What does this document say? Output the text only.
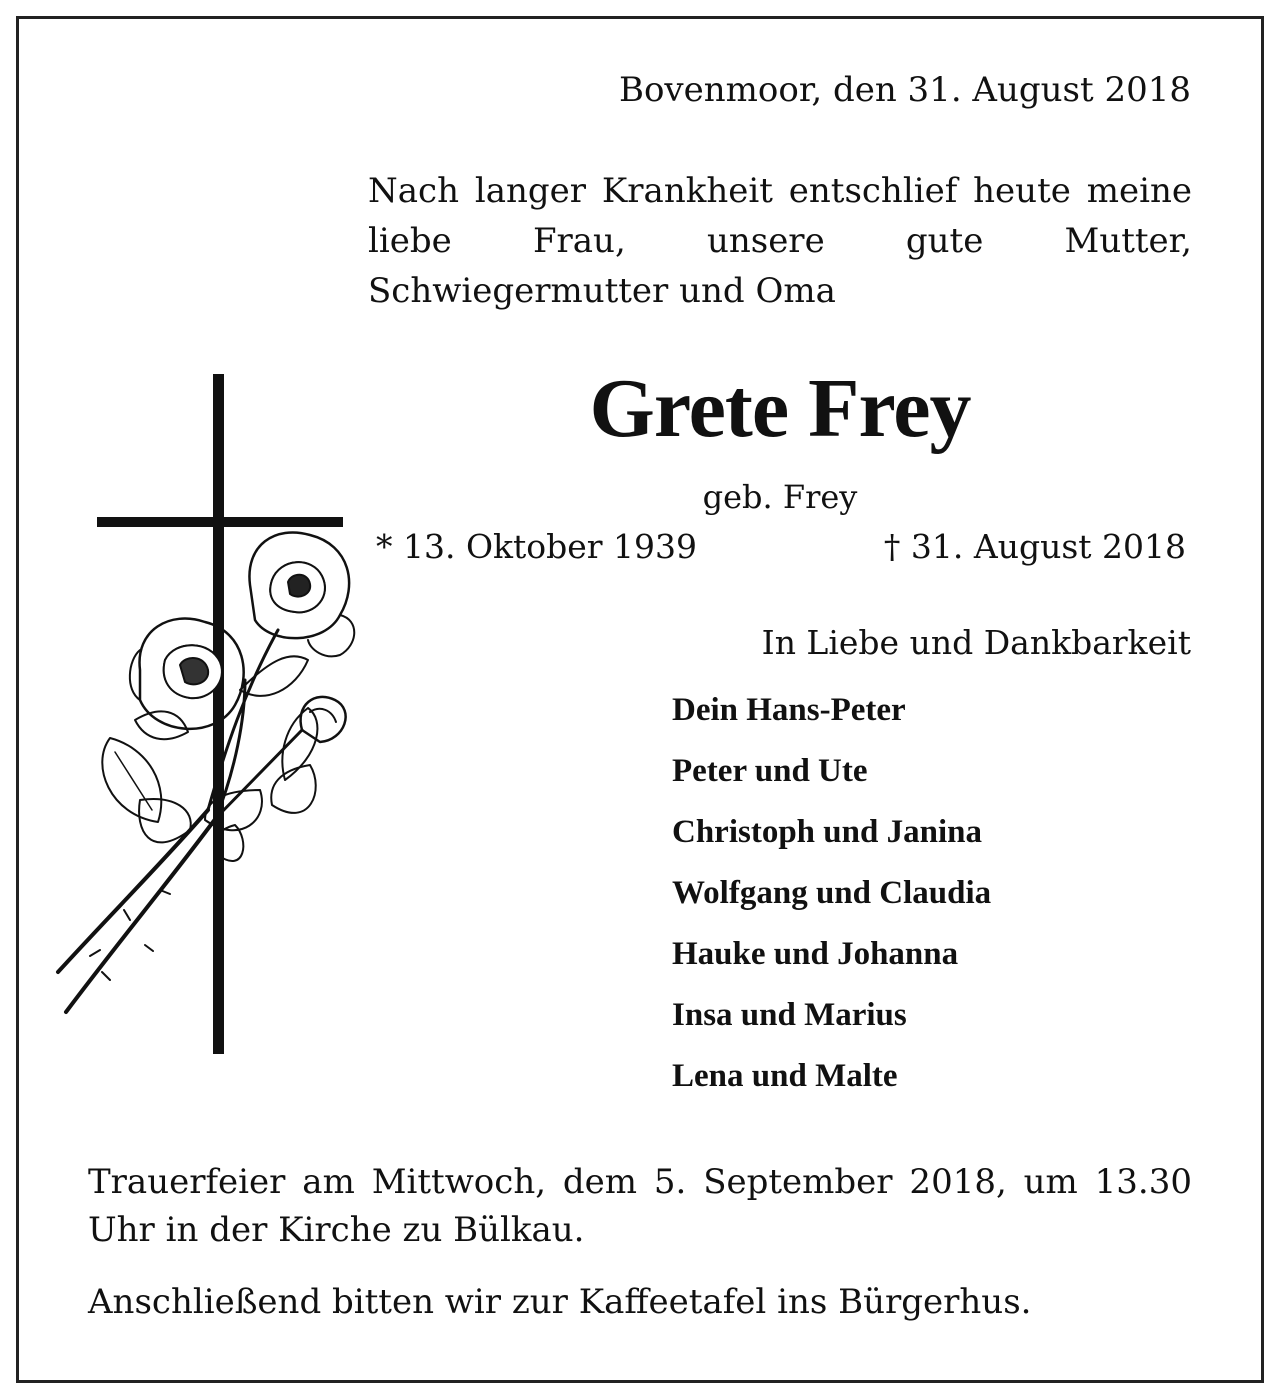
Bovenmoor, den 31. August 2018
Nach langer Krankheit entschlief heute meine liebe Frau, unsere gute Mutter, Schwiegermutter und Oma
Grete Frey
geb. Frey
* 13. Oktober 1939	† 31. August 2018
In Liebe und Dankbarkeit
Dein Hans-Peter
Peter und Ute
Christoph und Janina
Wolfgang und Claudia
Hauke und Johanna
Insa und Marius
Lena und Malte
Trauerfeier am Mittwoch, dem 5. September 2018, um 13.30 Uhr in der Kirche zu Bülkau.
Anschließend bitten wir zur Kaffeetafel ins Bürgerhus.
